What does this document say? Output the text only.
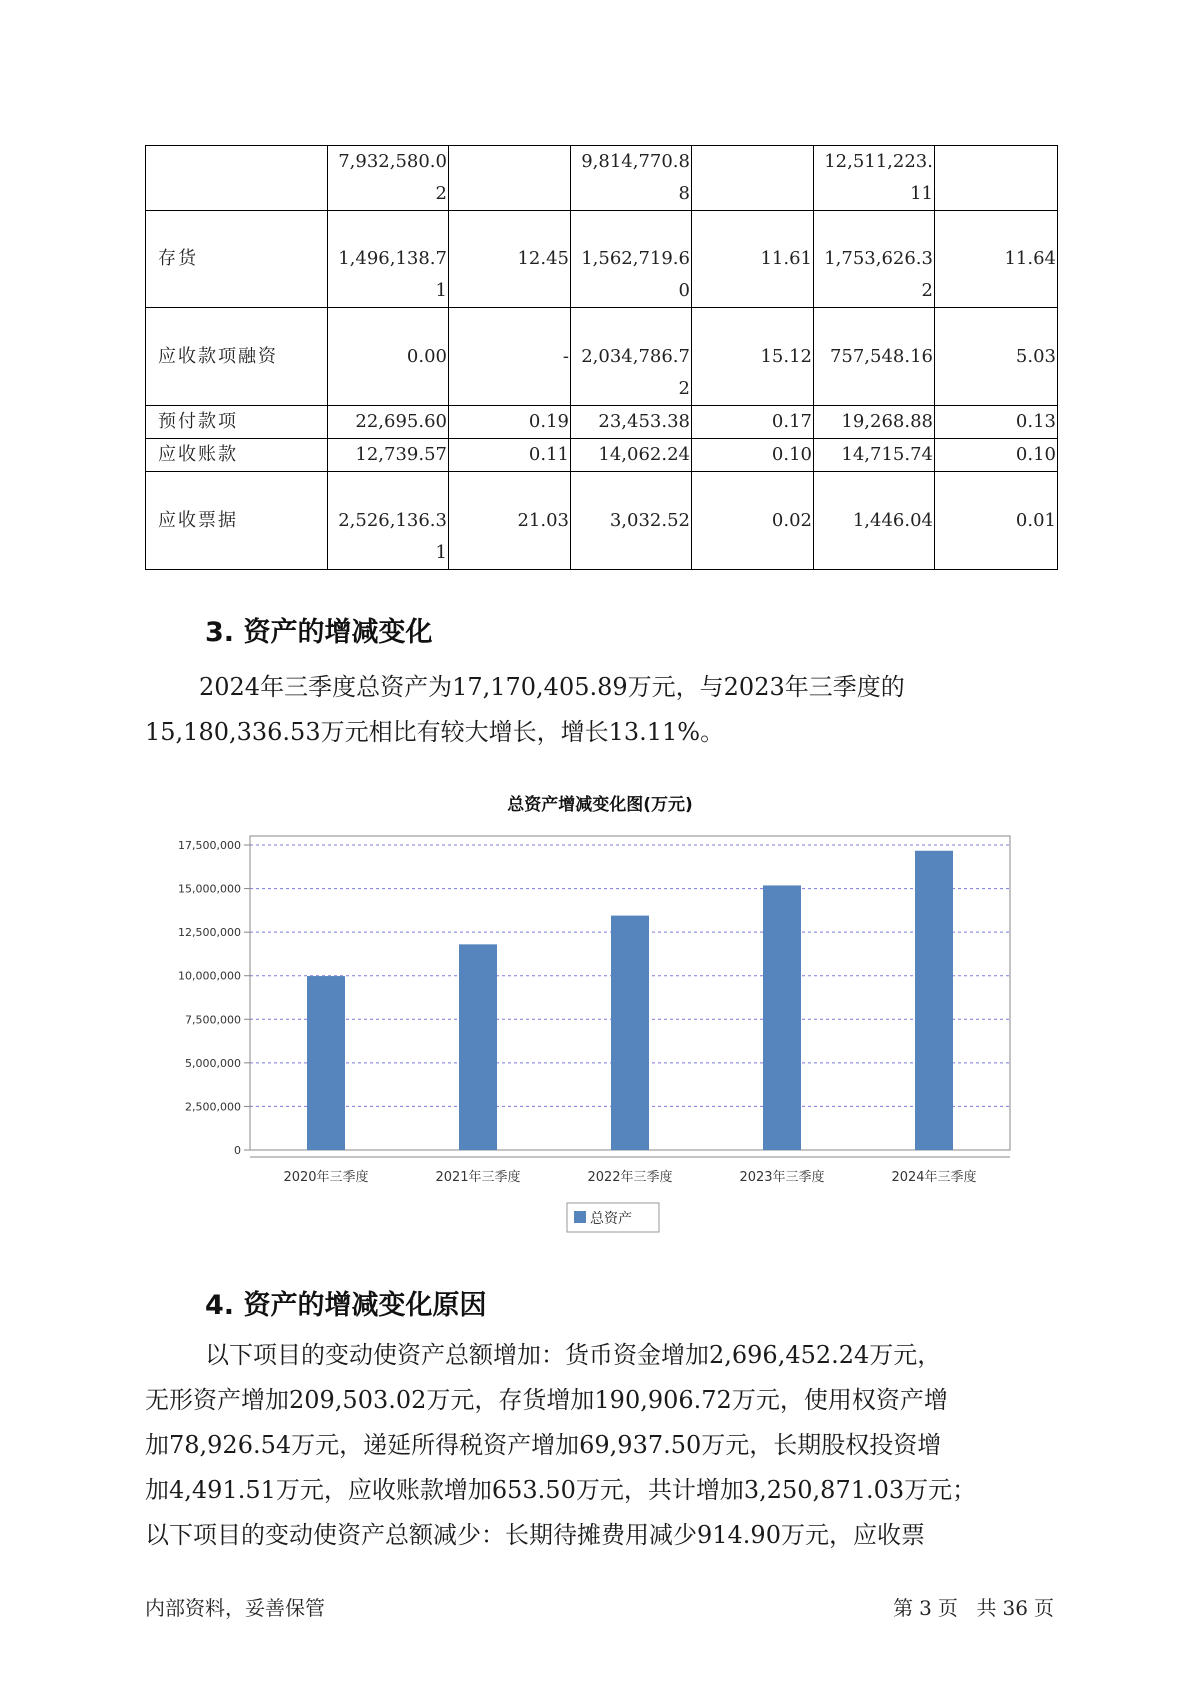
	7,932,580.02		9,814,770.88		12,511,223.11	
存货	1,496,138.71	12.45	1,562,719.60	11.61	1,753,626.32	11.64
应收款项融资	0.00	-	2,034,786.72	15.12	757,548.16	5.03
预付款项	22,695.60	0.19	23,453.38	0.17	19,268.88	0.13
应收账款	12,739.57	0.11	14,062.24	0.10	14,715.74	0.10
应收票据	2,526,136.31	21.03	3,032.52	0.02	1,446.04	0.01
3. 资产的增减变化
2024年三季度总资产为17,170,405.89万元，与2023年三季度的
15,180,336.53万元相比有较大增长，增长13.11%。
总资产增减变化图(万元)
0
2,500,000
5,000,000
7,500,000
10,000,000
12,500,000
15,000,000
17,500,000
2020年三季度	2021年三季度	2022年三季度	2023年三季度	2024年三季度
总资产
4. 资产的增减变化原因
以下项目的变动使资产总额增加：货币资金增加2,696,452.24万元，
无形资产增加209,503.02万元，存货增加190,906.72万元，使用权资产增
加78,926.54万元，递延所得税资产增加69,937.50万元，长期股权投资增
加4,491.51万元，应收账款增加653.50万元，共计增加3,250,871.03万元；
以下项目的变动使资产总额减少：长期待摊费用减少914.90万元，应收票
内部资料，妥善保管	第 3 页 共 36 页
